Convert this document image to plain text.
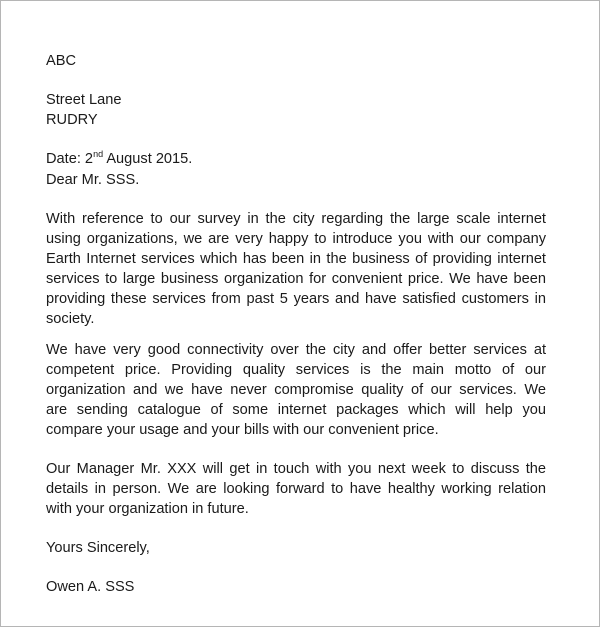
ABC
Street Lane
RUDRY
Date: 2nd August 2015.
Dear Mr. SSS.
With reference to our survey in the city regarding the large scale internet
using organizations, we are very happy to introduce you with our company
Earth Internet services which has been in the business of providing internet
services to large business organization for convenient price. We have been
providing these services from past 5 years and have satisfied customers in
society.
We have very good connectivity over the city and offer better services at
competent price. Providing quality services is the main motto of our
organization and we have never compromise quality of our services. We
are sending catalogue of some internet packages which will help you
compare your usage and your bills with our convenient price.
Our Manager Mr. XXX will get in touch with you next week to discuss the
details in person. We are looking forward to have healthy working relation
with your organization in future.
Yours Sincerely,
Owen A. SSS
